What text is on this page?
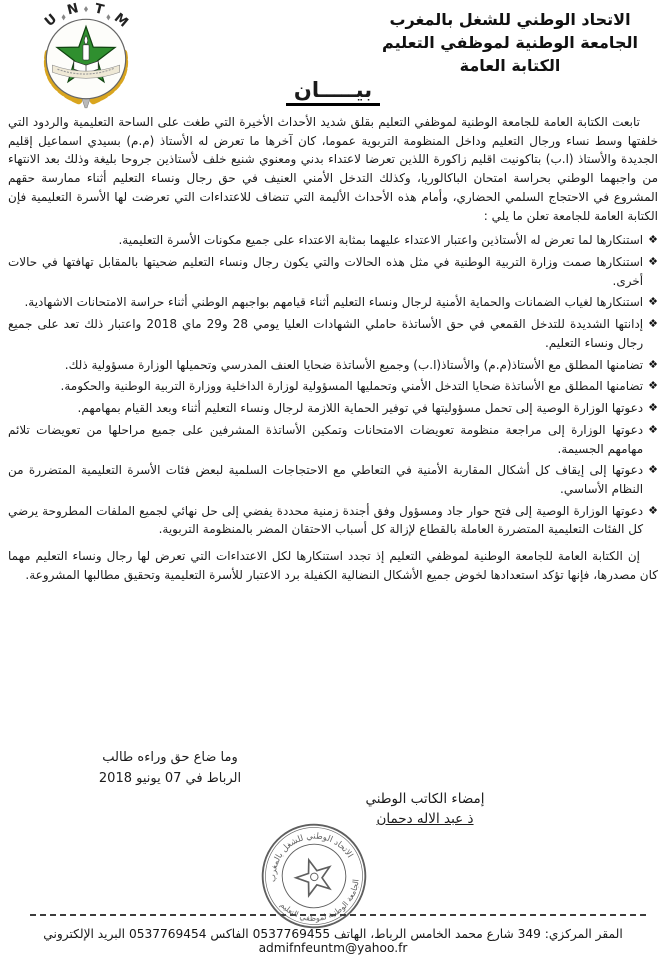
U
N T
M	الاتحاد الوطني للشغل بالمغرب
الجامعة الوطنية لموظفي التعليم
الكتابة العامة
بيـــــان

تابعت الكتابة العامة للجامعة الوطنية لموظفي التعليم بقلق شديد الأحداث الأخيرة التي طغت على الساحة التعليمية والردود التي خلفتها وسط نساء ورجال التعليم وداخل المنظومة التربوية عموما، كان آخرها ما تعرض له الأستاذ (م.م) بسيدي اسماعيل إقليم الجديدة والأستاذ (ا.ب) بتاكونيت اقليم زاكورة اللذين تعرضا لاعتداء بدني ومعنوي شنيع خلف لأستاذين جروحا بليغة وذلك بعد الانتهاء من واجبهما الوطني بحراسة امتحان الباكالوريا، وكذلك التدخل الأمني العنيف في حق رجال ونساء التعليم أثناء ممارسة حقهم المشروع في الاحتجاج السلمي الحضاري، وأمام هذه الأحداث الأليمة التي تنضاف للاعتداءات التي تعرضت لها الأسرة التعليمية فإن الكتابة العامة للجامعة تعلن ما يلي :

❖
استنكارها لما تعرض له الأستاذين واعتبار الاعتداء عليهما بمثابة الاعتداء على جميع مكونات الأسرة التعليمية.
❖
استنكارها صمت وزارة التربية الوطنية في مثل هذه الحالات والتي يكون رجال ونساء التعليم ضحيتها بالمقابل تهافتها في حالات أخرى.
❖
استنكارها لغياب الضمانات والحماية الأمنية لرجال ونساء التعليم أثناء قيامهم بواجبهم الوطني أثناء حراسة الامتحانات الاشهادية.
❖
إدانتها الشديدة للتدخل القمعي في حق الأساتذة حاملي الشهادات العليا يومي 28 و29 ماي 2018 واعتبار ذلك تعد على جميع رجال ونساء التعليم.
❖
تضامنها المطلق مع الأستاذ(م.م) والأستاذ(ا.ب) وجميع الأساتذة ضحايا العنف المدرسي وتحميلها الوزارة مسؤولية ذلك.
❖
تضامنها المطلق مع الأساتذة ضحايا التدخل الأمني وتحمليها المسؤولية لوزارة الداخلية ووزارة التربية الوطنية والحكومة.
❖
دعوتها الوزارة الوصية إلى تحمل مسؤوليتها في توفير الحماية اللازمة لرجال ونساء التعليم أثناء وبعد القيام بمهامهم.
❖
دعوتها الوزارة إلى مراجعة منظومة تعويضات الامتحانات وتمكين الأساتذة المشرفين على جميع مراحلها من تعويضات تلائم مهامهم الجسيمة.
❖
دعوتها إلى إيقاف كل أشكال المقاربة الأمنية في التعاطي مع الاحتجاجات السلمية لبعض فئات الأسرة التعليمية المتضررة من النظام الأساسي.
❖
دعوتها الوزارة الوصية إلى فتح حوار جاد ومسؤول وفق أجندة زمنية محددة يفضي إلى حل نهائي لجميع الملفات المطروحة يرضي كل الفئات التعليمية المتضررة العاملة بالقطاع لإزالة كل أسباب الاحتقان المضر بالمنظومة التربوية.

إن الكتابة العامة للجامعة الوطنية لموظفي التعليم إذ تجدد استنكارها لكل الاعتداءات التي تعرض لها رجال ونساء التعليم مهما كان مصدرها، فإنها تؤكد استعدادها لخوض جميع الأشكال النضالية الكفيلة برد الاعتبار للأسرة التعليمية وتحقيق مطالبها المشروعة.

وما ضاع حق وراءه طالب
الرباط في 07 يونيو 2018
إمضاء الكاتب الوطني
ذ عبد الاله دحمان
الاتحاد الوطني للشغل بالمغرب
الجامعة الوطنية لموظفي التعليم
المقر المركزي: 349 شارع محمد الخامس الرباط، الهاتف 0537769455 الفاكس 0537769454 البريد الإلكتروني admifnfeuntm@yahoo.fr
